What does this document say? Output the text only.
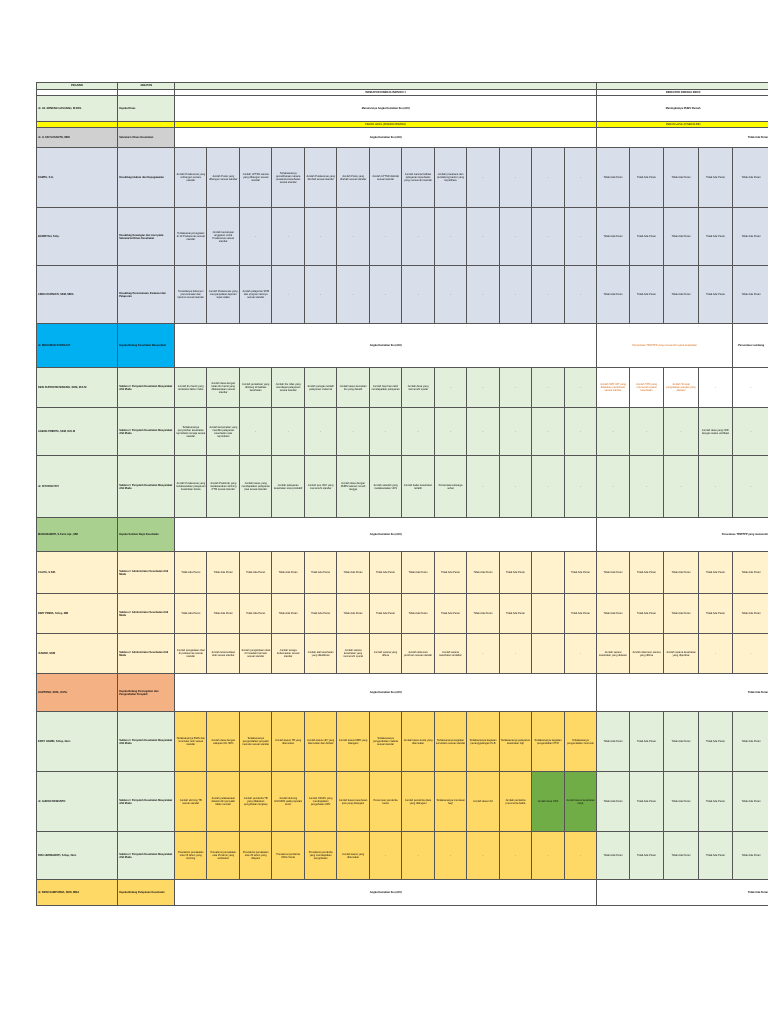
PEGAWAI	JABATAN																		
		INDIKATOR KINERJA INDIVIDU 1													INDIKATOR KINERJA INDIVI				
dr. HJ. ERNENG HASANAH, M.KES.	Kepala Dinas	Menurunnya Angka Kematian Ibu (AKI)													Meningkatnya PHBS Rumah				
		PERAN HASIL (KINERJA BIDANG)													PERAN HASIL (KINERJA BIN				
dr. H. EDI SUSANTO, MKE	Sekretaris Dinas Kesehatan	Angka Kematian Ibu (AKI)													Tidak Ada Peran				
KAMTA, S.H.	Kasubbag Hukum dan Kepegawaian	Jumlah Puskesmas yang terbangun secara standar	Jumlah Pustu yang dibangun sesuai standar	Jumlah LPTSD sarana yang dibangun sesuai standar	Terlaksananya pemeliharaan sarana prasarana kesehatan sesuai standar	Jumlah Puskesmas yang direhab sesuai standar	Jumlah Pustu yang direhab sesuai standar	Jumlah LPTSD direhab sesuai standar	Jumlah sarana fasilitas pelayanan kesehatan yang memenuhi standar	Jumlah prasarana dan pendukung kantor yang terpelihara	-	-	-	-	Tidak Ada Peran	Tidak Ada Peran	Tidak Ada Peran	Tidak Ada Peran	Tidak Ada Peran
BADRIYAH, S.Kp.	Kasubbag Keuangan dan Aset pada Sekretariat Dinas Kesehatan	Terlaksananya kegiatan di 10 Puskesmas sesuai standar	Jumlah kecukupan anggaran untuk Puskesmas sesuai standar	-	-	-	-	-	-	-	-	-	-	-	Tidak Ada Peran	Tidak Ada Peran	Tidak Ada Peran	Tidak Ada Peran	Tidak Ada Peran
LINDA KURNIATI, SKM, MMA	Kasubbag Perencanaan, Evaluasi dan Pelaporan	Tersedianya dokumen perencanaan dan laporan sesuai standar	Jumlah Puskesmas yang menyampaikan laporan tepat waktu	Jumlah pelaporan SPM dan program lainnya sesuai standar	-	-	-	-	-	-	-	-	-	-	Tidak Ada Peran	Tidak Ada Peran	Tidak Ada Peran	Tidak Ada Peran	Tidak Ada Peran
dr. MOHAMAD SUDRAJAT	Kepala Bidang Kesehatan Masyarakat	Angka Kematian Ibu (AKI)													Persentase TPM/TPP yang memenuhi syarat kesehatan				Persentase Lembang
DESI SUPRIATIN NINGSIH, SKM, M.K.M	Subkoor / Penyuluh Kesehatan Masyarakat Ahli Muda	Jumlah ibu hamil yang terdeteksi faktor risiko	Jumlah desa dengan kelas ibu hamil yang dilaksanakan sesuai standar	Jumlah persalinan yang ditolong di fasilitas kesehatan	Jumlah ibu nifas yang mendapat pelayanan sesuai standar	Jumlah petugas terlatih pelayanan maternal	Jumlah kasus kematian ibu yang diaudit	Jumlah bayi baru lahir mendapatkan pelayanan	Jumlah desa yang memenuhi syarat	-	-	-	-	-	Jumlah SPP, IRT yang dilakukan pembinaan sesuai standar	Jumlah TPM yang memenuhi syarat kesehatan	Jumlah Tempat pengolahan pangan yang diawasi	-	-
AGENG PRIMITA, SKM, M.K.M	Subkoor / Penyuluh Kesehatan Masyarakat Ahli Muda	Terlaksananya penyuluhan kesehatan reproduksi remaja sesuai standar	Jumlah kecamatan yang memiliki pelayanan kesehatan usia reproduksi	-	-	-	-	-	-	-	-	-	-	-	-	-	-	Jumlah desa yang ODF dengan status verifikasi	-
dr. SITI ROHYATI	Subkoor / Penyuluh Kesehatan Masyarakat Ahli Muda	Jumlah Puskesmas yang melaksanakan pelayanan kesehatan lansia	Jumlah Posbindu yang melaksanakan skrining PTM sesuai standar	Jumlah kasus yang mendapatkan pelayanan jiwa sesuai standar	Jumlah pelayanan kesehatan usia produktif	Jumlah pos UKK yang memenuhi standar	Jumlah desa dengan PHBS tatanan rumah tangga	Jumlah sekolah yang melaksanakan UKS	Jumlah kader kesehatan terlatih	Persentase keluarga sehat	-	-	-	-	-	-	-	-	-
MARLINAWATI, S.Farm Apt., MM	Kepala Sumber Daya Kesehatan	Angka Kematian Ibu (AKI)													Persentase TPM/TPP yang memenuhi				
CAHYA, S.KM.	Subkoor / Administrator Kesehatan Ahli Muda	Tidak Ada Peran	Tidak Ada Peran	Tidak Ada Peran	Tidak Ada Peran	Tidak Ada Peran	Tidak Ada Peran	Tidak Ada Peran	Tidak Ada Peran	Tidak Ada Peran	Tidak Ada Peran	Tidak Ada Peran		Tidak Ada Peran	Tidak Ada Peran	Tidak Ada Peran	Tidak Ada Peran	Tidak Ada Peran	Tidak Ada Peran
DIMY PRIMA, S.Kep, MM	Subkoor / Administrator Kesehatan Ahli Muda	Tidak Ada Peran	Tidak Ada Peran	Tidak Ada Peran	Tidak Ada Peran	Tidak Ada Peran	Tidak Ada Peran	Tidak Ada Peran	Tidak Ada Peran	Tidak Ada Peran	Tidak Ada Peran	Tidak Ada Peran		Tidak Ada Peran	Tidak Ada Peran	Tidak Ada Peran	Tidak Ada Peran	Tidak Ada Peran	Tidak Ada Peran
JUMARI, SKM	Subkoor / Administrator Kesehatan Ahli Muda	Jumlah pengadaan obat di puskesmas sesuai standar	Jumlah ketersediaan obat sesuai standar	Jumlah pengelolaan obat di Instalasi Farmasi sesuai standar	Jumlah tenaga kefarmasian sesuai standar	Jumlah alat kesehatan yang dikalibrasi	Jumlah sarana kesehatan yang memenuhi syarat	Jumlah sarana yang dibina	Jumlah dokumen perizinan sesuai standar	Jumlah sarana kesehatan terdaftar	-	-		-	Jumlah sarana kesehatan yang diawasi	Jumlah dokumen sarana yang dibina	Jumlah sarana kesehatan yang diperiksa	-	-
HARTONO, SKM., M.P.H	Kepala Bidang Pencegahan dan Pengendalian Penyakit	Angka Kematian Ibu (AKI)													Tidak Ada Peran				
EDDY HAMID, S.Kep, Ners	Subkoor / Penyuluh Kesehatan Masyarakat Ahli Muda	Terlaksananya BIAS dan imunisasi rutin sesuai standar	Jumlah desa dengan cakupan IDL 90%	Terlaksananya pengendalian penyakit menular sesuai standar	Jumlah kasus TB yang ditemukan	Jumlah kasus HIV yang ditemukan dan diobati	Jumlah kasus DBD yang ditangani	Terlaksananya pengendalian malaria sesuai standar	Jumlah kasus kusta yang ditemukan	Terlaksananya kegiatan surveilans sesuai standar	Terlaksananya kegiatan penanggulangan KLB	Terlaksananya pelayanan kesehatan haji	Terlaksananya kegiatan pengendalian PTM	Terlaksananya pengendalian zoonosis	Tidak Ada Peran	Tidak Ada Peran	Tidak Ada Peran	Tidak Ada Peran	Tidak Ada Peran
dr. AHMAD DEWANTO	Subkoor / Penyuluh Kesehatan Masyarakat Ahli Muda	Jumlah skrining TB sesuai standar	Jumlah pelaksanaan deteksi dini penyakit tidak menular	Jumlah penderita TB yang dilakukan pengobatan lengkap	Jumlah skrining HIV/AIDS pada populasi kunci	Jumlah ODHIV yang mendapatkan pengobatan ARV	Jumlah kasus kesehatan jiwa yang ditangani	Penemuan penderita kusta	Jumlah penderita diare yang ditangani	Terlaksananya imunisasi bayi	Jumlah desa UCI	Jumlah penderita pneumonia balita	Jumlah desa ODF	Jumlah kasus kesehatan kerja	Tidak Ada Peran	Tidak Ada Peran	Tidak Ada Peran	Tidak Ada Peran	Tidak Ada Peran
RIZA HERMAWATI, S.Kep, Ners	Subkoor / Penyuluh Kesehatan Masyarakat Ahli Muda	Prevalensi pemakaian usia 15 tahun yang skrining	Prevalensi pemakaian usia 15 tahun yang terdeteksi	Prevalensi pemakaian usia 15 tahun yang dilayani	Prevalensi penderita ODGJ berat	Prevalensi penderita yang mendapatkan pengobatan	Jumlah kasus yang ditemukan	-	-	-	-	-	-	-	Tidak Ada Peran	Tidak Ada Peran	Tidak Ada Peran	Tidak Ada Peran	Tidak Ada Peran
dr. DEWI SAMPURNA, SKM, MMA	Kepala Bidang Pelayanan Kesehatan	Angka Kematian Ibu (AKI)													Tidak Ada Peran				
